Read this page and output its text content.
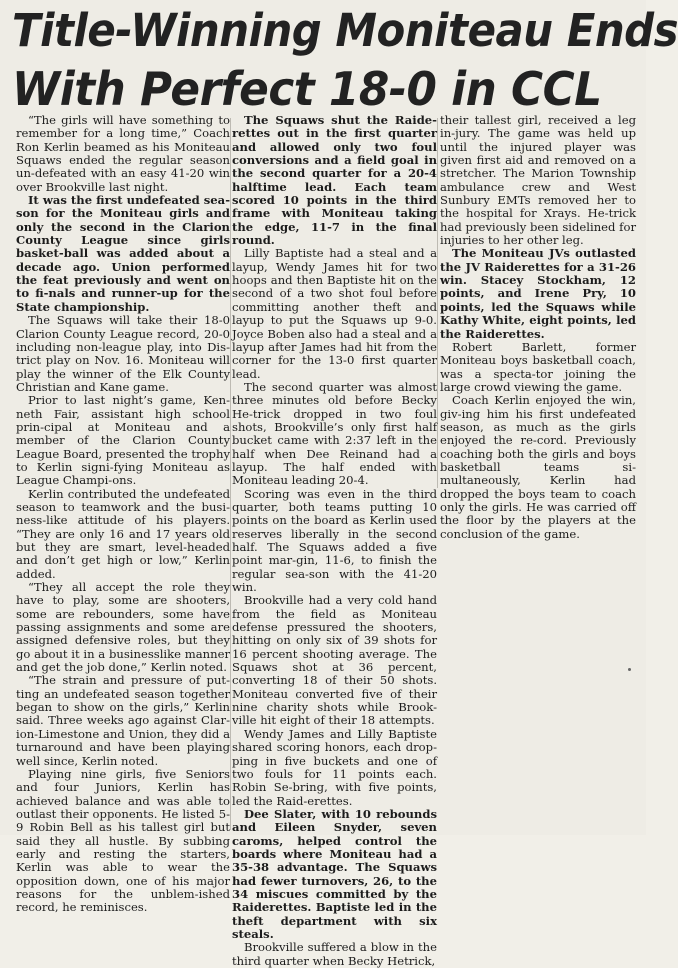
Title-Winning Moniteau Ends
With Perfect 18-0 in CCL

“The girls will have something to remember for a long time,” Coach Ron Kerlin beamed as his Moniteau Squaws ended the regular season un-defeated with an easy 41-20 win over Brookville last night.

It was the first undefeated sea-son for the Moniteau girls and only the second in the Clarion County League since girls basket-ball was added about a decade ago. Union performed the feat previously and went on to fi-nals and runner-up for the State championship.

The Squaws will take their 18-0 Clarion County League record, 20-0 including non-league play, into Dis-trict play on Nov. 16. Moniteau will play the winner of the Elk County Christian and Kane game.

Prior to last night’s game, Ken-neth Fair, assistant high school prin-cipal at Moniteau and a member of the Clarion County League Board, presented the trophy to Kerlin signi-fying Moniteau as League Champi-ons.

Kerlin contributed the undefeated season to teamwork and the busi-ness-like attitude of his players. “They are only 16 and 17 years old but they are smart, level-headed and don’t get high or low,” Kerlin added.

“They all accept the role they have to play, some are shooters, some are rebounders, some have passing assignments and some are assigned defensive roles, but they go about it in a businesslike manner and get the job done,” Kerlin noted.

“The strain and pressure of put-ting an undefeated season together began to show on the girls,” Kerlin said. Three weeks ago against Clar-ion-Limestone and Union, they did a turnaround and have been playing well since, Kerlin noted.

Playing nine girls, five Seniors and four Juniors, Kerlin has achieved balance and was able to outlast their opponents. He listed 5-9 Robin Bell as his tallest girl but said they all hustle. By subbing early and resting the starters, Kerlin was able to wear the opposition down, one of his major reasons for the unblem-ished record, he reminisces.

The Squaws shut the Raide-rettes out in the first quarter and allowed only two foul conversions and a field goal in the second quarter for a 20-4 halftime lead. Each team scored 10 points in the third frame with Moniteau taking the edge, 11-7 in the final round.

Lilly Baptiste had a steal and a layup, Wendy James hit for two hoops and then Baptiste hit on the second of a two shot foul before committing another theft and layup to put the Squaws up 9-0. Joyce Boben also had a steal and a layup after James had hit from the corner for the 13-0 first quarter lead.

The second quarter was almost three minutes old before Becky He-trick dropped in two foul shots, Brookville’s only first half bucket came with 2:37 left in the half when Dee Reinand had a layup. The half ended with Moniteau leading 20-4.

Scoring was even in the third quarter, both teams putting 10 points on the board as Kerlin used reserves liberally in the second half. The Squaws added a five point mar-gin, 11-6, to finish the regular sea-son with the 41-20 win.

Brookville had a very cold hand from the field as Moniteau defense pressured the shooters, hitting on only six of 39 shots for 16 percent shooting average. The Squaws shot at 36 percent, converting 18 of their 50 shots. Moniteau converted five of their nine charity shots while Brook-ville hit eight of their 18 attempts.

Wendy James and Lilly Baptiste shared scoring honors, each drop-ping in five buckets and one of two fouls for 11 points each. Robin Se-bring, with five points, led the Raid-erettes.

Dee Slater, with 10 rebounds and Eileen Snyder, seven caroms, helped control the boards where Moniteau had a 35-38 advantage. The Squaws had fewer turnovers, 26, to the 34 miscues committed by the Raiderettes. Baptiste led in the theft department with six steals.

Brookville suffered a blow in the third quarter when Becky Hetrick,

their tallest girl, received a leg in-jury. The game was held up until the injured player was given first aid and removed on a stretcher. The Marion Township ambulance crew and West Sunbury EMTs removed her to the hospital for Xrays. He-trick had previously been sidelined for injuries to her other leg.

The Moniteau JVs outlasted the JV Raiderettes for a 31-26 win. Stacey Stockham, 12 points, and Irene Pry, 10 points, led the Squaws while Kathy White, eight points, led the Raiderettes.

Robert Barlett, former Moniteau boys basketball coach, was a specta-tor joining the large crowd viewing the game.

Coach Kerlin enjoyed the win, giv-ing him his first undefeated season, as much as the girls enjoyed the re-cord. Previously coaching both the girls and boys basketball teams si-multaneously, Kerlin had dropped the boys team to coach only the girls. He was carried off the floor by the players at the conclusion of the game.
